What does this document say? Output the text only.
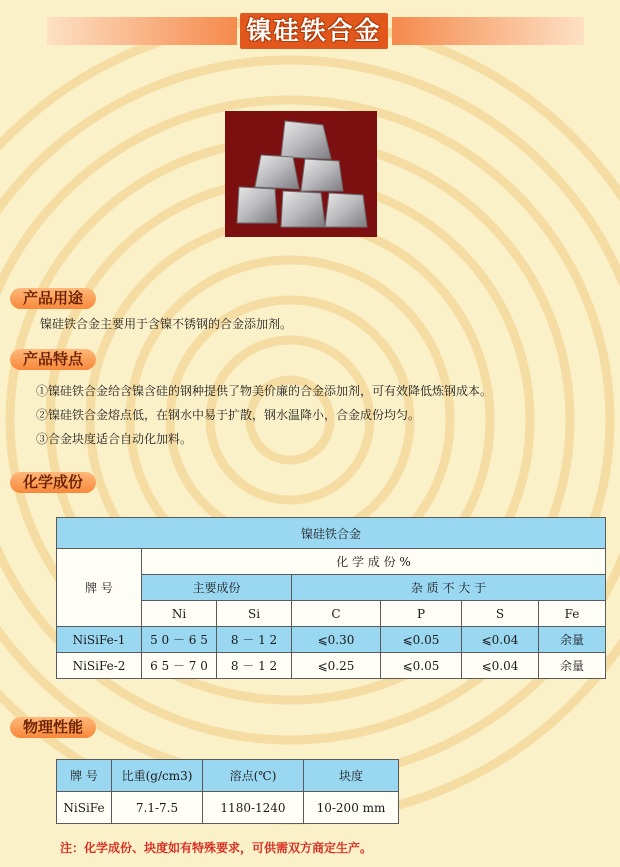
镍硅铁合金
产品用途
镍硅铁合金主要用于含镍不锈钢的合金添加剂。
产品特点
①镍硅铁合金给含镍含硅的钢种提供了物美价廉的合金添加剂，可有效降低炼钢成本。
②镍硅铁合金熔点低，在钢水中易于扩散，钢水温降小，合金成份均匀。
③合金块度适合自动化加料。
化学成份
镍硅铁合金						
牌 号	化 学 成 份 %					
	主要成份		杂 质 不 大 于			
	Ni	Si	C	P	S	Fe
NiSiFe-1	5 0 － 6 5	8 － 1 2	⩽0.30	⩽0.05	⩽0.04	余量
NiSiFe-2	6 5 － 7 0	8 － 1 2	⩽0.25	⩽0.05	⩽0.04	余量
物理性能
牌 号	比重(g/cm3)	溶点(℃)	块度
NiSiFe	7.1-7.5	1180-1240	10-200 mm
注：化学成份、块度如有特殊要求，可供需双方商定生产。
